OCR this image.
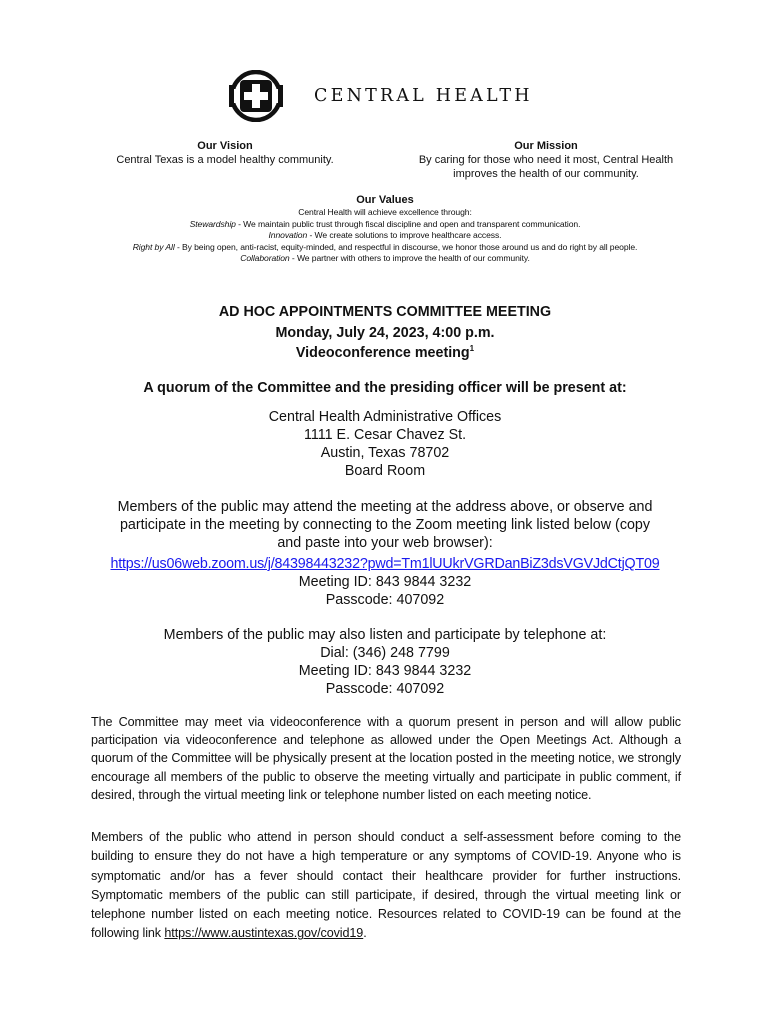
CENTRAL HEALTH
Our Vision
Central Texas is a model healthy community.
Our Mission
By caring for those who need it most, Central Health
improves the health of our community.
Our Values
Central Health will achieve excellence through:
Stewardship - We maintain public trust through fiscal discipline and open and transparent communication.
Innovation - We create solutions to improve healthcare access.
Right by All - By being open, anti-racist, equity-minded, and respectful in discourse, we honor those around us and do right by all people.
Collaboration - We partner with others to improve the health of our community.
AD HOC APPOINTMENTS COMMITTEE MEETING
Monday, July 24, 2023, 4:00 p.m.
Videoconference meeting$^1$
A quorum of the Committee and the presiding officer will be present at:
Central Health Administrative Offices
1111 E. Cesar Chavez St.
Austin, Texas 78702
Board Room
Members of the public may attend the meeting at the address above, or observe and
participate in the meeting by connecting to the Zoom meeting link listed below (copy
and paste into your web browser):
https://us06web.zoom.us/j/84398443232?pwd=Tm1lUUkrVGRDanBiZ3dsVGVJdCtjQT09
Meeting ID: 843 9844 3232
Passcode: 407092
Members of the public may also listen and participate by telephone at:
Dial: (346) 248 7799
Meeting ID: 843 9844 3232
Passcode: 407092
The Committee may meet via videoconference with a quorum present in person and will allow public participation via videoconference and telephone as allowed under the Open Meetings Act. Although a quorum of the Committee will be physically present at the location posted in the meeting notice, we strongly encourage all members of the public to observe the meeting virtually and participate in public comment, if desired, through the virtual meeting link or telephone number listed on each meeting notice.
Members of the public who attend in person should conduct a self-assessment before coming to the building to ensure they do not have a high temperature or any symptoms of COVID-19. Anyone who is symptomatic and/or has a fever should contact their healthcare provider for further instructions. Symptomatic members of the public can still participate, if desired, through the virtual meeting link or telephone number listed on each meeting notice. Resources related to COVID-19 can be found at the following link https://www.austintexas.gov/covid19.
